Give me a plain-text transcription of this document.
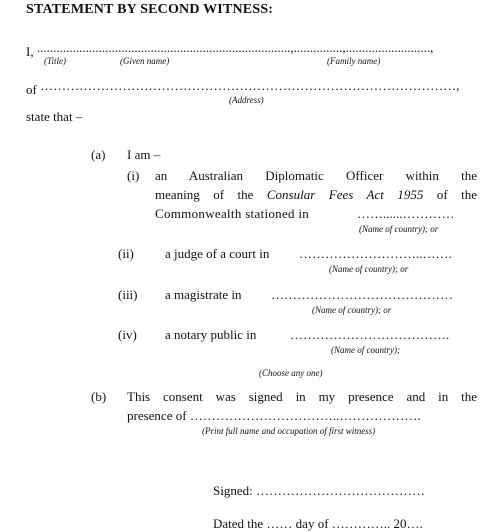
STATEMENT BY SECOND WITNESS:
I, ..............................................................................,...............,..........................,
(Title)	(Given name)	(Family name)
of ……………………………………………………………………………………,
(Address)
state that –
(a) I am –
(i) an Australian Diplomatic Officer within the
meaning of the Consular Fees Act 1955 of the
Commonwealth stationed in	……......…………
(Name of country); or
(ii) a judge of a court in ………………………..…….
(Name of country); or
(iii) a magistrate in ……………………………………
(Name of country); or
(iv) a notary public in	……………………………….
(Name of country);
(Choose any one)
(b) This consent was signed in my presence and in the
presence of ……………………………..……………….
(Print full name and occupation of first witness)
Signed: …………………………………
Dated the …… day of ………….. 20….
